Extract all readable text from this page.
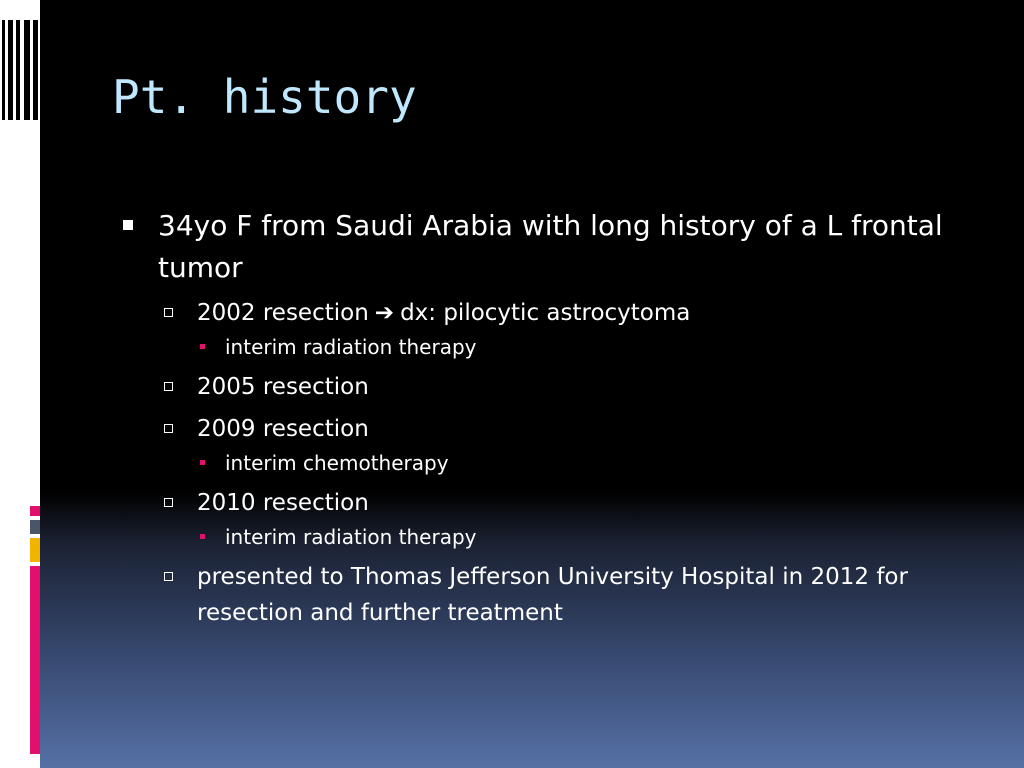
Pt. history
34yo F from Saudi Arabia with long history of a L frontal tumor
2002 resection ➔ dx: pilocytic astrocytoma
interim radiation therapy
2005 resection
2009 resection
interim chemotherapy
2010 resection
interim radiation therapy
presented to Thomas Jefferson University Hospital in 2012 for resection and further treatment
